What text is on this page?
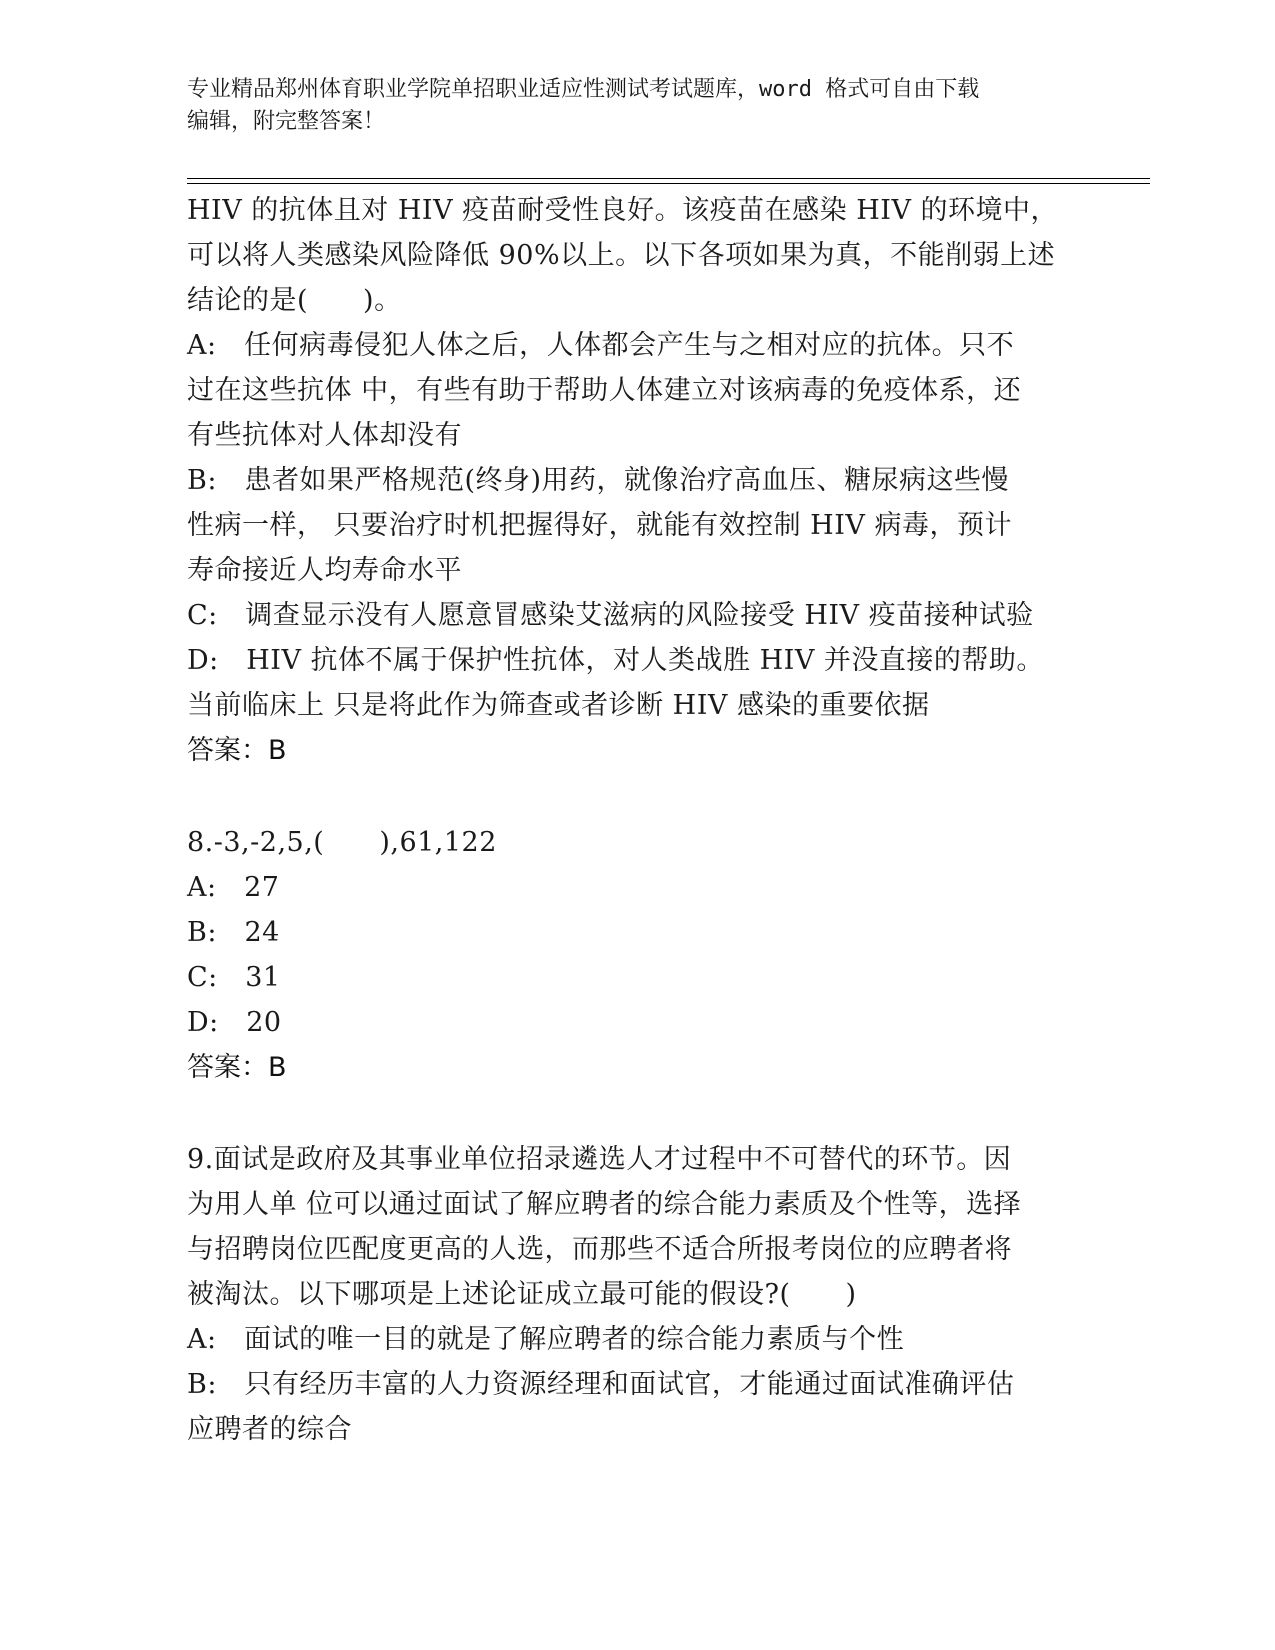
专业精品郑州体育职业学院单招职业适应性测试考试题库，word 格式可自由下载
编辑，附完整答案！
HIV 的抗体且对 HIV 疫苗耐受性良好。该疫苗在感染 HIV 的环境中，
可以将人类感染风险降低 90%以上。以下各项如果为真，不能削弱上述
结论的是(　　)。
A:　任何病毒侵犯人体之后，人体都会产生与之相对应的抗体。只不
过在这些抗体 中，有些有助于帮助人体建立对该病毒的免疫体系，还
有些抗体对人体却没有
B:　患者如果严格规范(终身)用药，就像治疗高血压、糖尿病这些慢
性病一样， 只要治疗时机把握得好，就能有效控制 HIV 病毒，预计
寿命接近人均寿命水平
C:　调查显示没有人愿意冒感染艾滋病的风险接受 HIV 疫苗接种试验
D:　HIV 抗体不属于保护性抗体，对人类战胜 HIV 并没直接的帮助。
当前临床上 只是将此作为筛查或者诊断 HIV 感染的重要依据
答案：B
8.-3,-2,5,(　　),61,122
A:　27
B:　24
C:　31
D:　20
答案：B
9.面试是政府及其事业单位招录遴选人才过程中不可替代的环节。因
为用人单 位可以通过面试了解应聘者的综合能力素质及个性等，选择
与招聘岗位匹配度更高的人选，而那些不适合所报考岗位的应聘者将
被淘汰。以下哪项是上述论证成立最可能的假设?(　　)
A:　面试的唯一目的就是了解应聘者的综合能力素质与个性
B:　只有经历丰富的人力资源经理和面试官，才能通过面试准确评估
应聘者的综合
